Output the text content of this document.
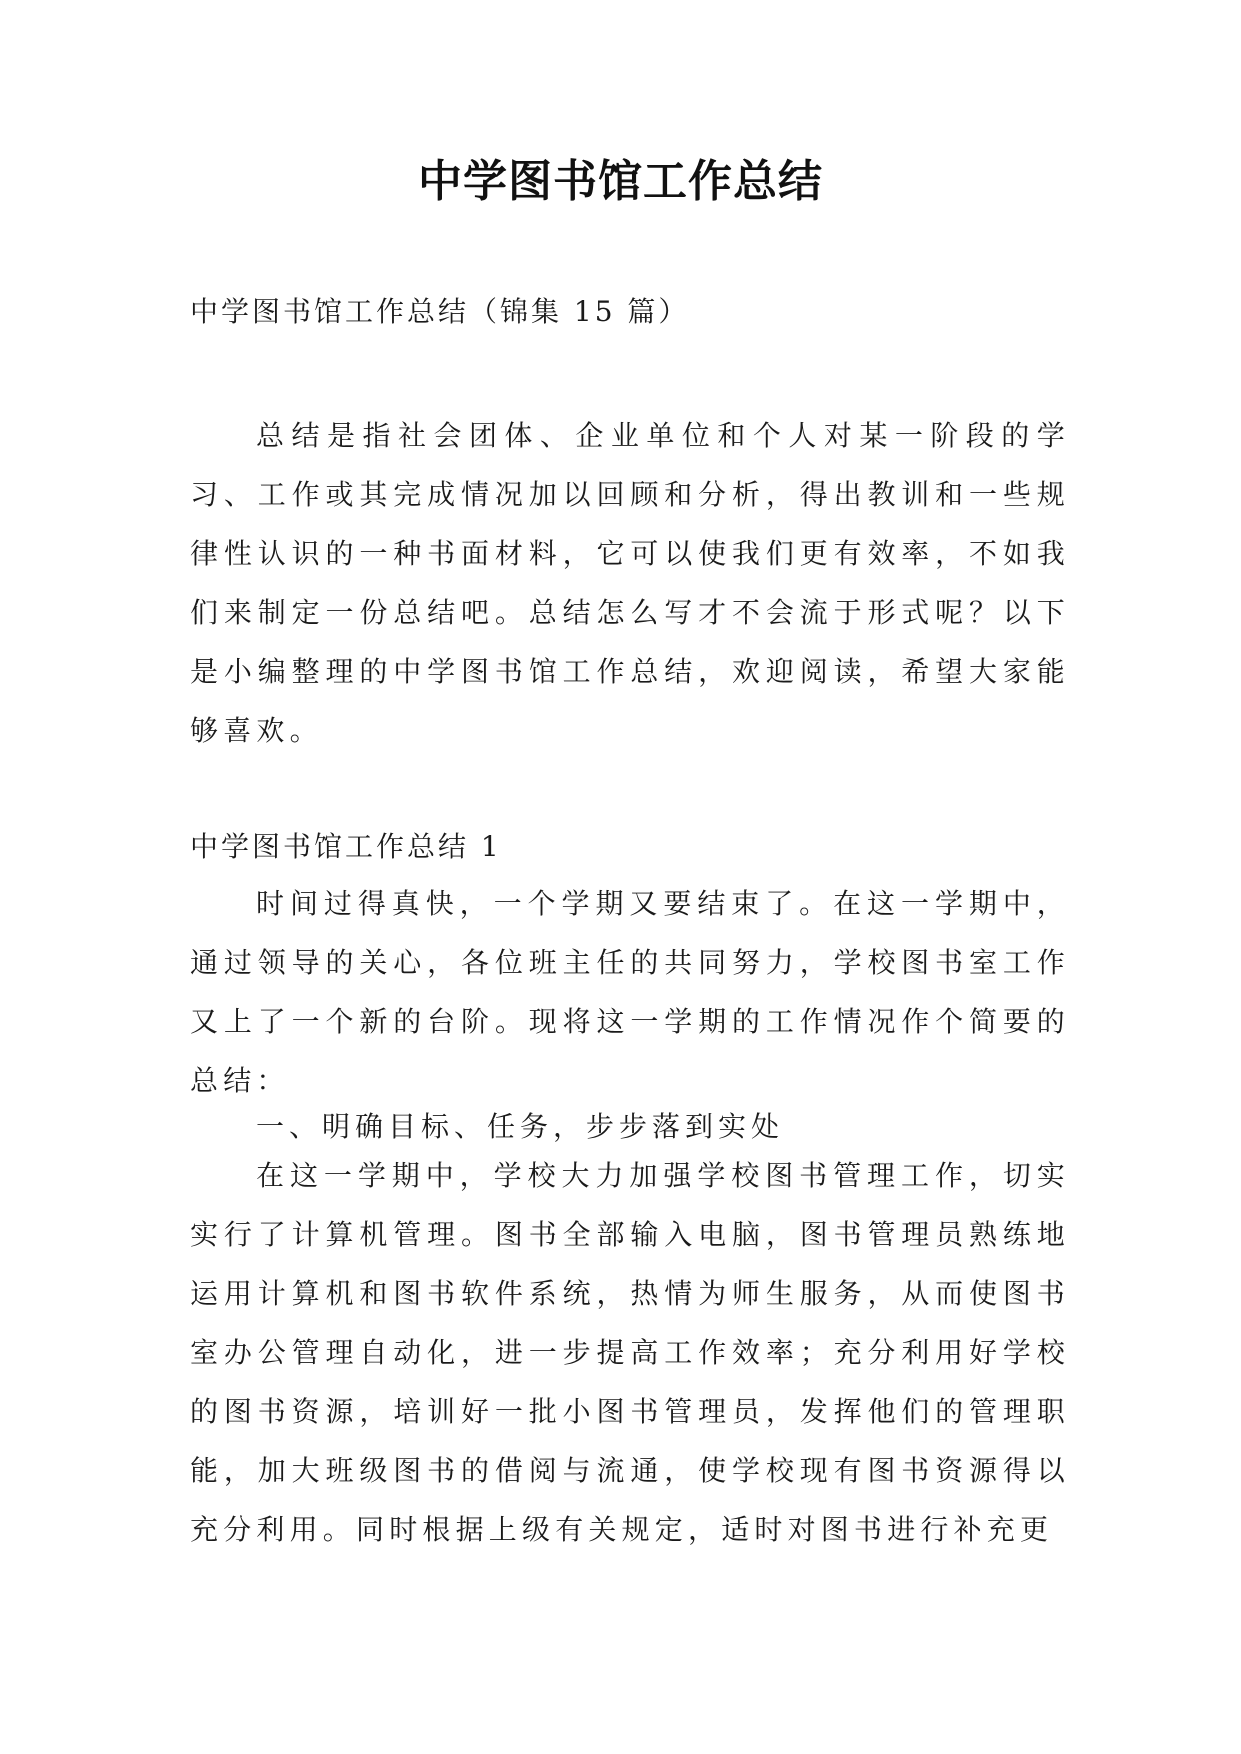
中学图书馆工作总结
中学图书馆工作总结（锦集 15 篇）

总结是指社会团体、企业单位和个人对某一阶段的学习、工作或其完成情况加以回顾和分析，得出教训和一些规律性认识的一种书面材料，它可以使我们更有效率，不如我们来制定一份总结吧。总结怎么写才不会流于形式呢？以下是小编整理的中学图书馆工作总结，欢迎阅读，希望大家能够喜欢。

中学图书馆工作总结 1

时间过得真快，一个学期又要结束了。在这一学期中，通过领导的关心，各位班主任的共同努力，学校图书室工作又上了一个新的台阶。现将这一学期的工作情况作个简要的总结：

一、明确目标、任务，步步落到实处

在这一学期中，学校大力加强学校图书管理工作，切实实行了计算机管理。图书全部输入电脑，图书管理员熟练地运用计算机和图书软件系统，热情为师生服务，从而使图书室办公管理自动化，进一步提高工作效率；充分利用好学校的图书资源，培训好一批小图书管理员，发挥他们的管理职能，加大班级图书的借阅与流通，使学校现有图书资源得以充分利用。同时根据上级有关规定，适时对图书进行补充更
